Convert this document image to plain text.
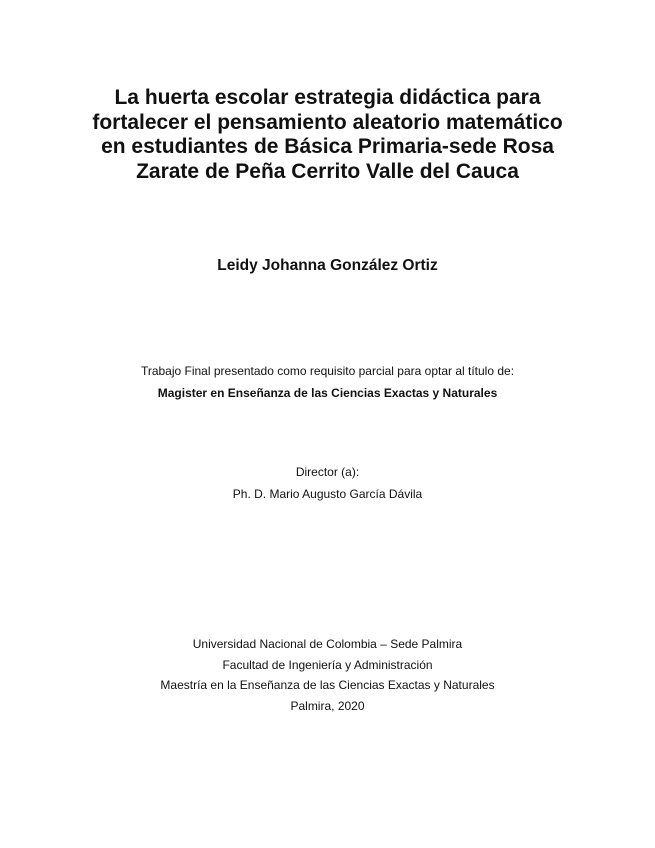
La huerta escolar estrategia didáctica para
fortalecer el pensamiento aleatorio matemático
en estudiantes de Básica Primaria-sede Rosa
Zarate de Peña Cerrito Valle del Cauca
Leidy Johanna González Ortiz
Trabajo Final presentado como requisito parcial para optar al título de:
Magister en Enseñanza de las Ciencias Exactas y Naturales
Director (a):
Ph. D. Mario Augusto García Dávila
Universidad Nacional de Colombia – Sede Palmira
Facultad de Ingeniería y Administración
Maestría en la Enseñanza de las Ciencias Exactas y Naturales
Palmira, 2020
